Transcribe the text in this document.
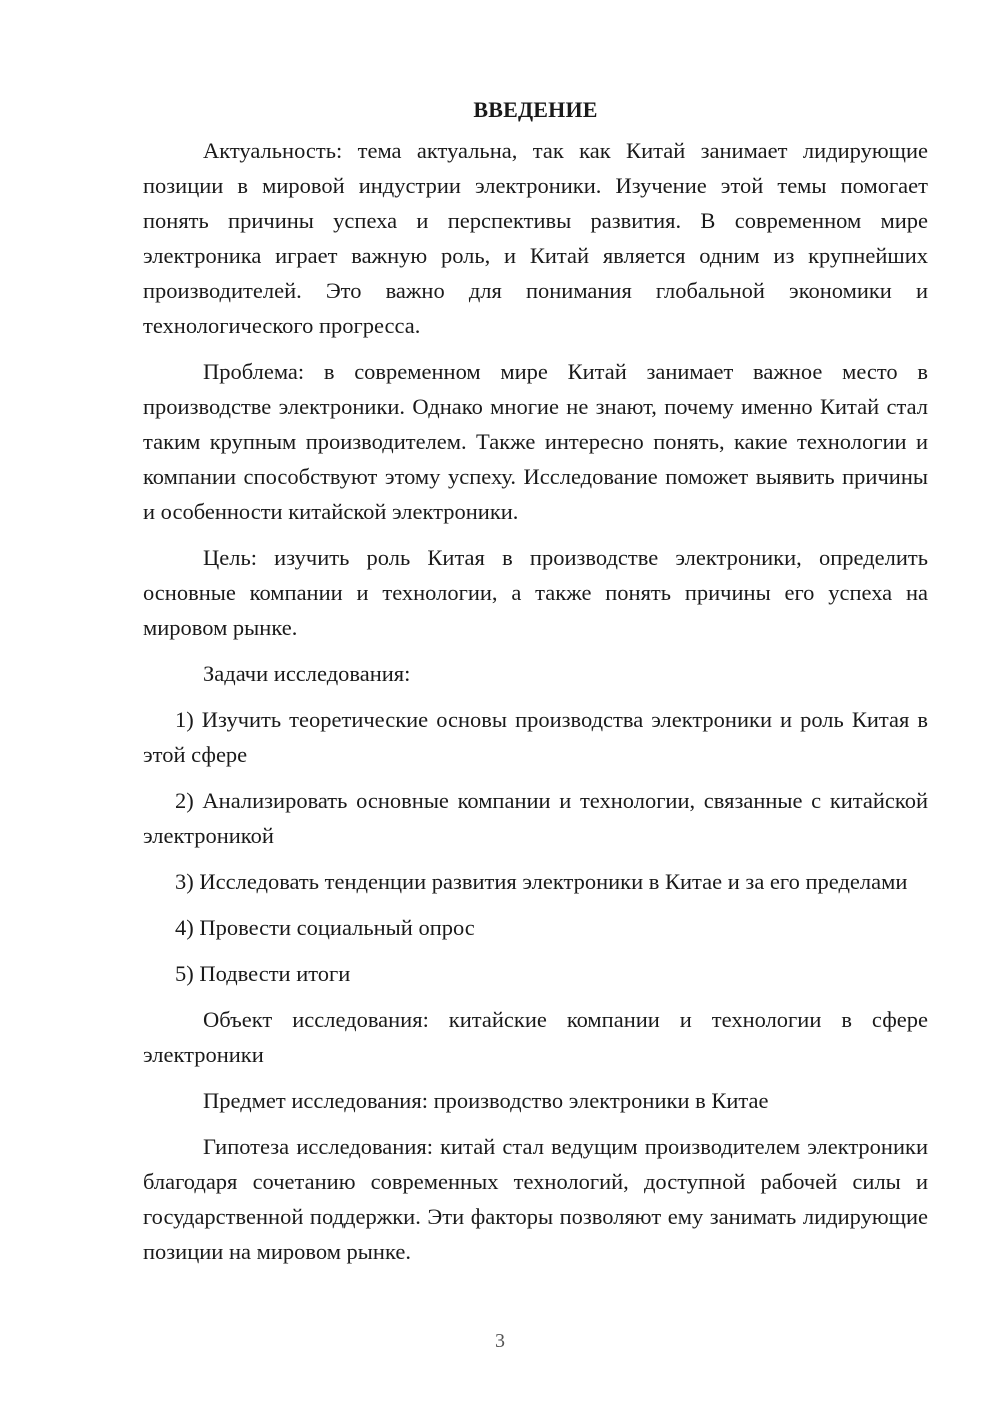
ВВЕДЕНИЕ

Актуальность: тема актуальна, так как Китай занимает лидирующие позиции в мировой индустрии электроники. Изучение этой темы помогает понять причины успеха и перспективы развития. В современном мире электроника играет важную роль, и Китай является одним из крупнейших производителей. Это важно для понимания глобальной экономики и технологического прогресса.

Проблема: в современном мире Китай занимает важное место в производстве электроники. Однако многие не знают, почему именно Китай стал таким крупным производителем. Также интересно понять, какие технологии и компании способствуют этому успеху. Исследование поможет выявить причины и особенности китайской электроники.

Цель: изучить роль Китая в производстве электроники, определить основные компании и технологии, а также понять причины его успеха на мировом рынке.

Задачи исследования:

1) Изучить теоретические основы производства электроники и роль Китая в этой сфере

2) Анализировать основные компании и технологии, связанные с китайской электроникой

3) Исследовать тенденции развития электроники в Китае и за его пределами

4) Провести социальный опрос

5) Подвести итоги

Объект исследования: китайские компании и технологии в сфере электроники

Предмет исследования: производство электроники в Китае

Гипотеза исследования: китай стал ведущим производителем электроники благодаря сочетанию современных технологий, доступной рабочей силы и государственной поддержки. Эти факторы позволяют ему занимать лидирующие позиции на мировом рынке.

3
